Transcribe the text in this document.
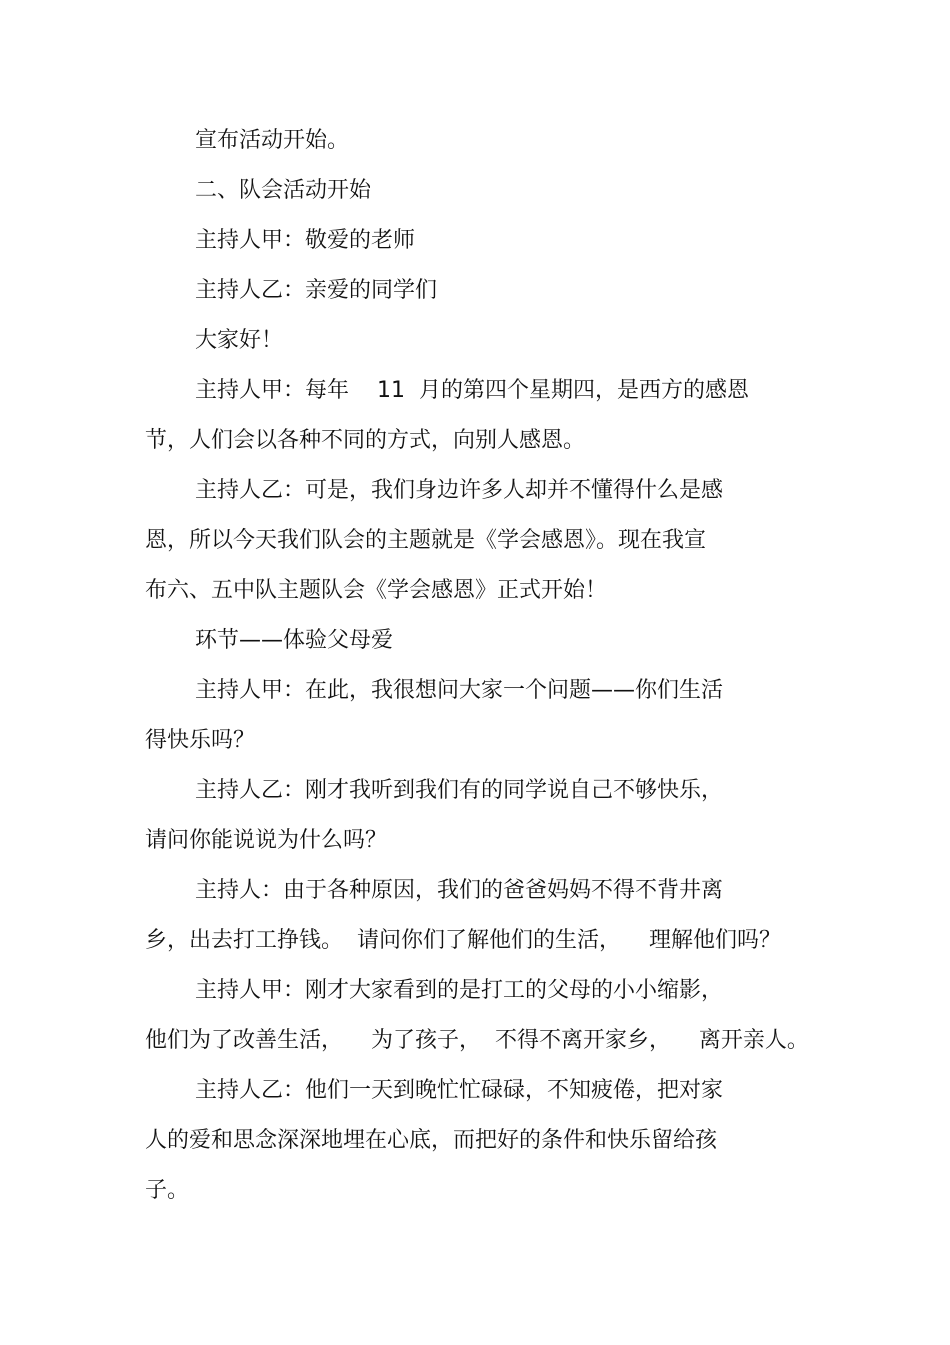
宣布活动开始。
二、队会活动开始
主持人甲：敬爱的老师
主持人乙：亲爱的同学们
大家好！
主持人甲：每年    11  月的第四个星期四，是西方的感恩
节，人们会以各种不同的方式，向别人感恩。
主持人乙：可是，我们身边许多人却并不懂得什么是感
恩，所以今天我们队会的主题就是《学会感恩》。现在我宣
布六、五中队主题队会《学会感恩》正式开始！
环节——体验父母爱
主持人甲：在此，我很想问大家一个问题——你们生活
得快乐吗？
主持人乙：刚才我听到我们有的同学说自己不够快乐，
请问你能说说为什么吗？
主持人：由于各种原因，我们的爸爸妈妈不得不背井离
乡，出去打工挣钱。  请问你们了解他们的生活，    理解他们吗？
主持人甲：刚才大家看到的是打工的父母的小小缩影，
他们为了改善生活，    为了孩子，  不得不离开家乡，    离开亲人。
主持人乙：他们一天到晚忙忙碌碌，不知疲倦，把对家
人的爱和思念深深地埋在心底，而把好的条件和快乐留给孩
子。
